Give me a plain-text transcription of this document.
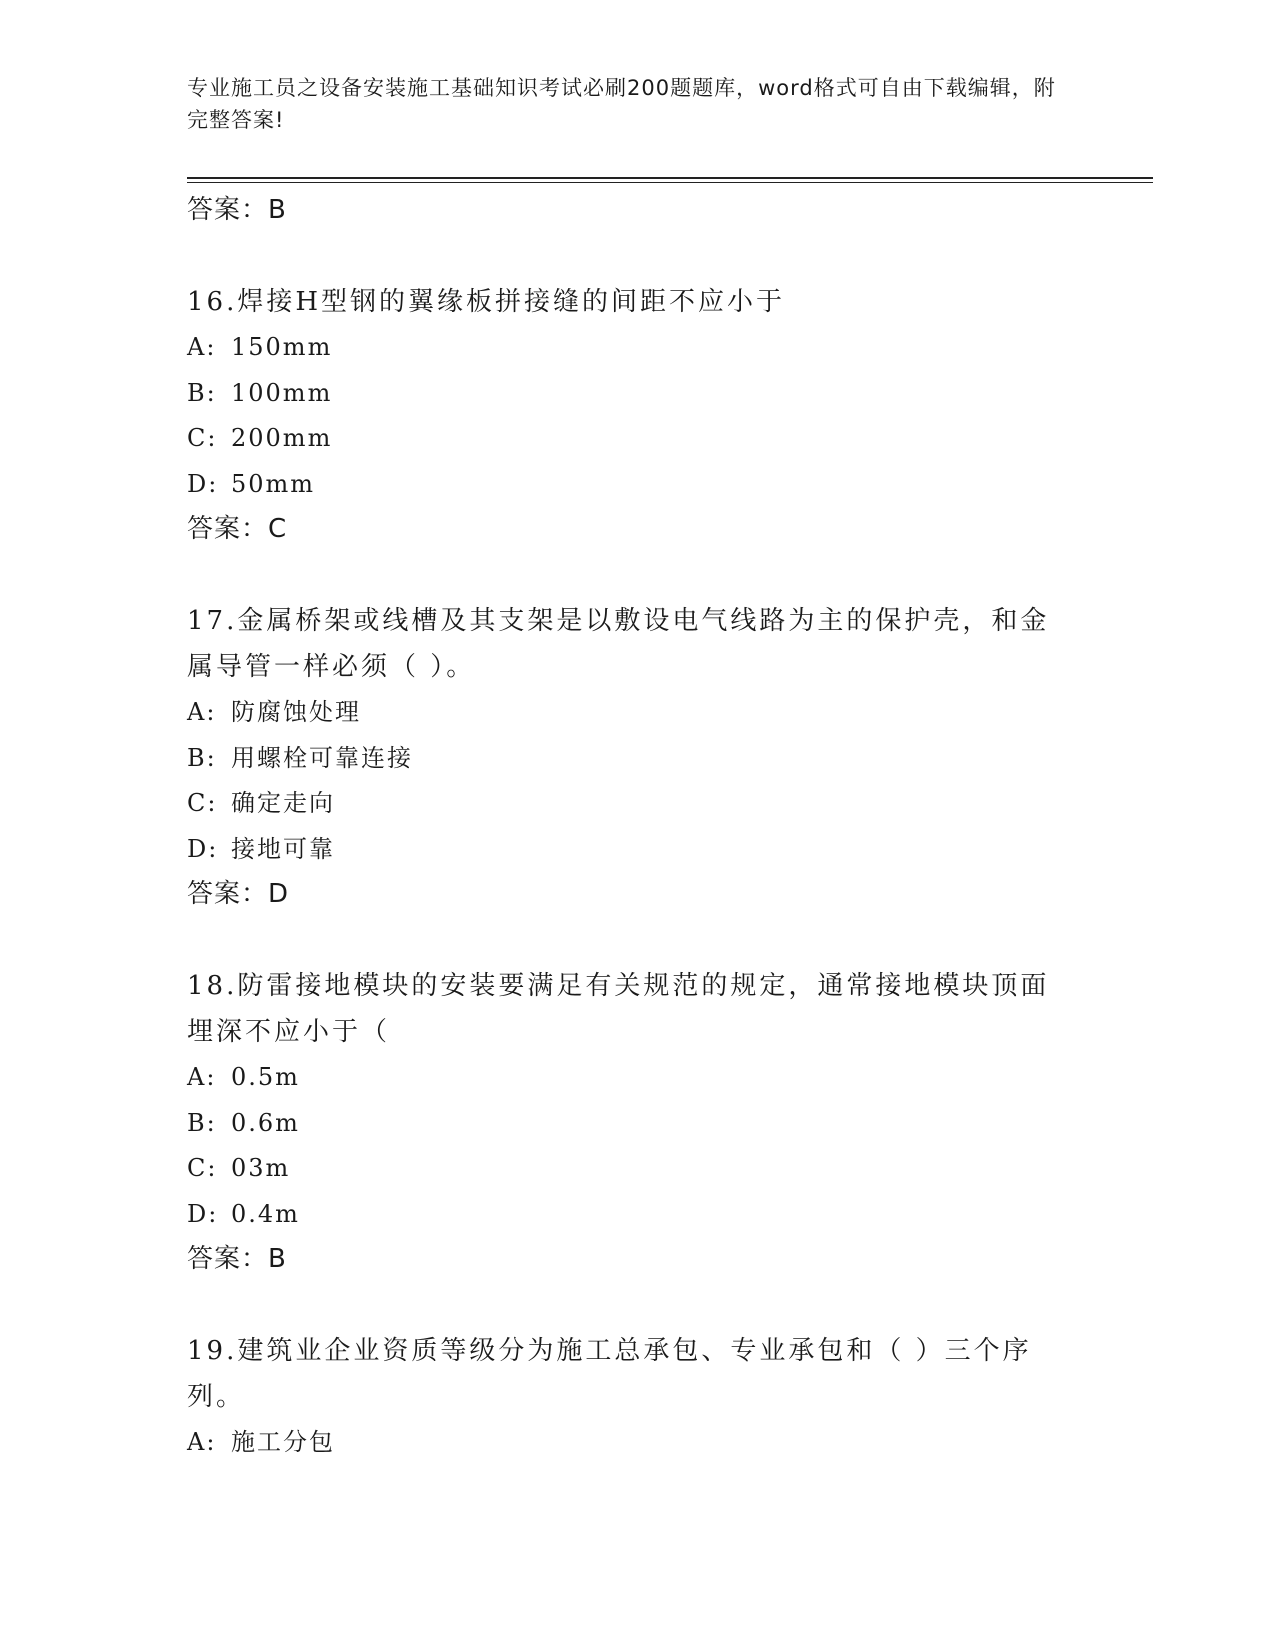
专业施工员之设备安装施工基础知识考试必刷200题题库，word格式可自由下载编辑，附完整答案!
答案：B
16.焊接H型钢的翼缘板拼接缝的间距不应小于
A: 150mm
B: 100mm
C: 200mm
D: 50mm
答案：C
17.金属桥架或线槽及其支架是以敷设电气线路为主的保护壳，和金属导管一样必须（ ）。
A: 防腐蚀处理
B: 用螺栓可靠连接
C: 确定走向
D: 接地可靠
答案：D
18.防雷接地模块的安装要满足有关规范的规定，通常接地模块顶面埋深不应小于（
A: 0.5m
B: 0.6m
C: 03m
D: 0.4m
答案：B
19.建筑业企业资质等级分为施工总承包、专业承包和（ ）三个序列。
A: 施工分包
